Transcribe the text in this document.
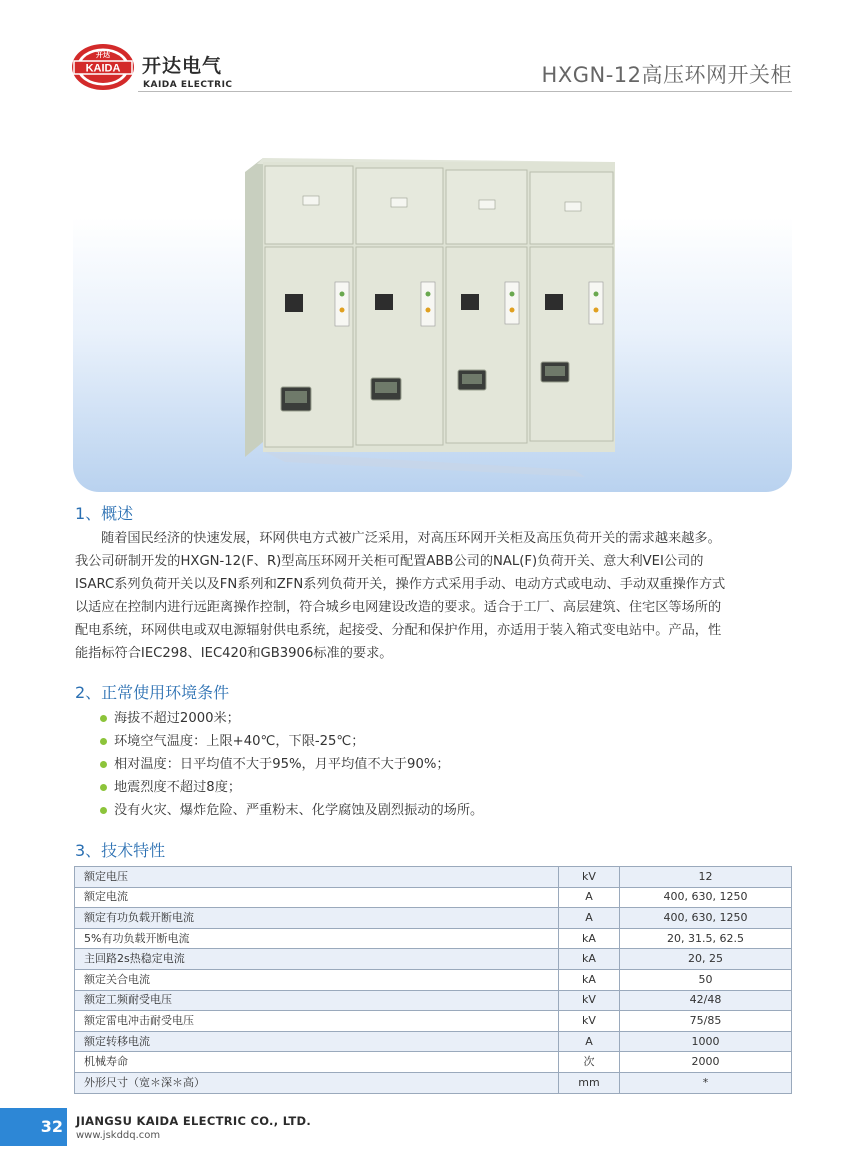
KAIDA
开达 开达电气
KAIDA ELECTRIC	HXGN-12高压环网开关柜
1、概述

随着国民经济的快速发展，环网供电方式被广泛采用，对高压环网开关柜及高压负荷开关的需求越来越多。
我公司研制开发的HXGN-12(F、R)型高压环网开关柜可配置ABB公司的NAL(F)负荷开关、意大利VEI公司的
ISARC系列负荷开关以及FN系列和ZFN系列负荷开关，操作方式采用手动、电动方式或电动、手动双重操作方式
以适应在控制内进行远距离操作控制，符合城乡电网建设改造的要求。适合于工厂、高层建筑、住宅区等场所的
配电系统，环网供电或双电源辐射供电系统，起接受、分配和保护作用，亦适用于装入箱式变电站中。产品，性
能指标符合IEC298、IEC420和GB3906标准的要求。

2、正常使用环境条件
海拔不超过2000米；
环境空气温度：上限+40℃，下限-25℃；
相对温度：日平均值不大于95%，月平均值不大于90%；
地震烈度不超过8度；
没有火灾、爆炸危险、严重粉末、化学腐蚀及剧烈振动的场所。
3、技术特性
额定电压	kV	12
额定电流	A	400, 630, 1250
额定有功负载开断电流	A	400, 630, 1250
5%有功负载开断电流	kA	20, 31.5, 62.5
主回路2s热稳定电流	kA	20, 25
额定关合电流	kA	50
额定工频耐受电压	kV	42/48
额定雷电冲击耐受电压	kV	75/85
额定转移电流	A	1000
机械寿命	次	2000
外形尺寸（宽＊深＊高）	mm	*
32	JIANGSU KAIDA ELECTRIC CO., LTD.
www.jskddq.com
